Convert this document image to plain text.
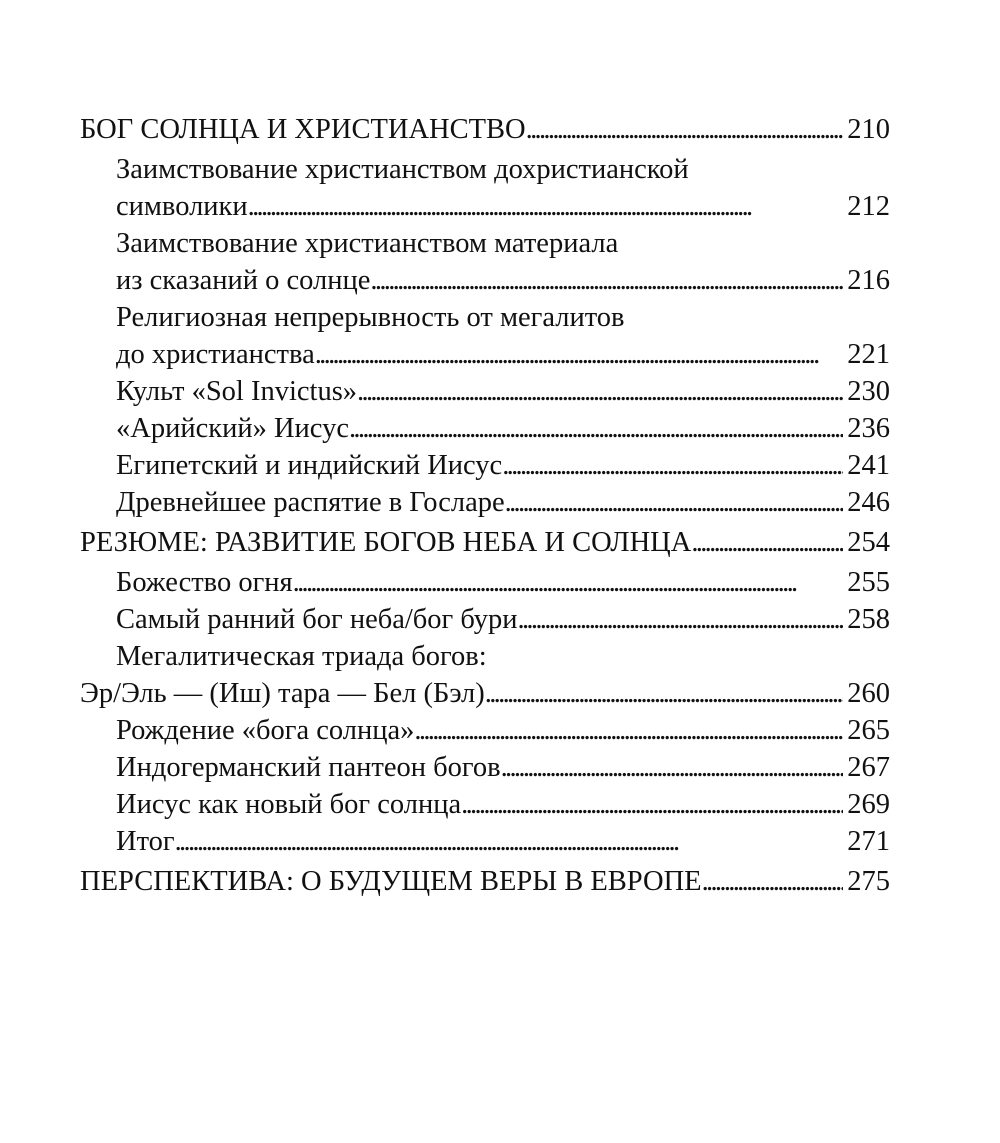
БОГ СОЛНЦА И ХРИСТИАНСТВО . . .	210
Заимствование христианством дохристианской
символики . . .	212
Заимствование христианством материала
из сказаний о солнце . . .	216
Религиозная непрерывность от мегалитов
до христианства . . .	221
Культ «Sol Invictus» . . .	230
«Арийский» Иисус . . .	236
Египетский и индийский Иисус . . .	241
Древнейшее распятие в Госларе . . .	246
РЕЗЮМЕ: РАЗВИТИЕ БОГОВ НЕБА И СОЛНЦА . . .	254
Божество огня . . .	255
Самый ранний бог неба/бог бури . . .	258
Мегалитическая триада богов:
Эр/Эль — (Иш) тара — Бел (Бэл) . . .	260
Рождение «бога солнца» . . .	265
Индогерманский пантеон богов . . .	267
Иисус как новый бог солнца . . .	269
Итог . . .	271
ПЕРСПЕКТИВА: О БУДУЩЕМ ВЕРЫ В ЕВРОПЕ . . .	275
